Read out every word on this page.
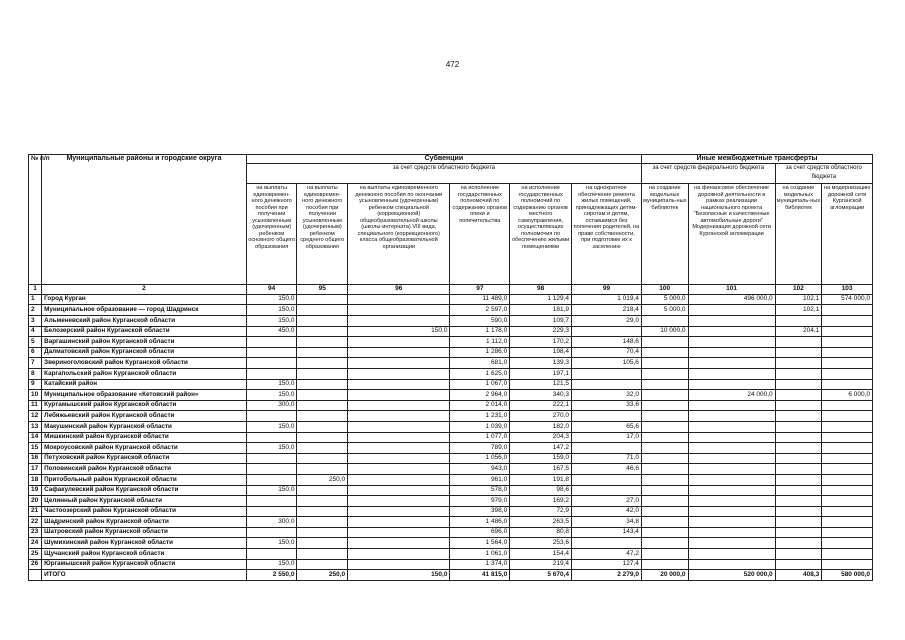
472
№ п/п	Муниципальные районы и городские округа	Субвенции						Иные межбюджетные трансферты			
		за счет средств областного бюджета						за счет средств федерального бюджета		за счет средств областного бюджета	
		на выплаты единовремен-ного денежного пособия при получении усыновленным (удочеренным) ребенком основного общего образования	на выплаты единовремен-ного денежного пособия при получении усыновленным (удочеренным) ребенком среднего общего образования	на выплаты единовременного денежного пособия по окончании усыновленным (удочеренным) ребенком специальной (коррекционной) общеобразовательной школы (школы-интерната) VIII вида, специального (коррекционного) класса общеобразовательной организации	на исполнение государственных полномочий по содержанию органов опеки и попечительства	на исполнение государственных полномочий по содержанию органов местного самоуправления, осуществляющих полномочия по обеспечению жилыми помещениями	на однократное обеспечение ремонта жилых помещений, принадлежащих детям-сиротам и детям, оставшимся без попечения родителей, на праве собственности, при подготовке их к заселению	на создание модельных муниципаль-ных библиотек	на финансовое обеспечение дорожной деятельности в рамках реализации национального проекта "Безопасные и качественные автомобильные дороги" Модернизация дорожной сети Курганской агломерации	на создание модельных муниципаль-ных библиотек	на модернизацию дорожной сети Курганской агломерации
1	2	94	95	96	97	98	99	100	101	102	103
1	Город Курган	150,0			11 489,0	1 129,4	1 019,4	5 000,0	496 000,0	102,1	574 000,0
2	Муниципальное образование — город Шадринск	150,0			2 597,0	181,9	218,4	5 000,0		102,1	
3	Альменевский район Курганской области	150,0			590,0	109,7	29,0				
4	Белозерский район Курганской области	450,0		150,0	1 178,0	229,3		10 000,0		204,1	
5	Варгашинский район Курганской области				1 112,0	170,2	148,6				
6	Далматовский район Курганской области				1 286,0	198,4	70,4				
7	Звериноголовский район Курганской области				681,0	139,3	105,6				
8	Каргапольский район Курганской области				1 625,0	197,1					
9	Катайский район	150,0			1 067,0	121,5					
10	Муниципальное образование «Кетовский район»	150,0			2 964,0	340,3	32,0		24 000,0		6 000,0
11	Куртамышский район Курганской области	300,0			2 014,0	222,1	33,6				
12	Лебяжьевский район Курганской области				1 231,0	270,0					
13	Макушинский район Курганской области	150,0			1 039,0	182,0	65,6				
14	Мишкинский район Курганской области				1 077,0	204,3	17,0				
15	Мокроусовский район Курганской области	150,0			789,0	147,2					
16	Петуховский район Курганской области				1 056,0	159,0	71,0				
17	Половинский район Курганской области				943,0	167,5	46,6				
18	Притобольный район Курганской области		250,0		961,0	191,8					
19	Сафакулевский район Курганской области	150,0			578,0	98,6					
20	Целинный район Курганской области				979,0	169,2	27,0				
21	Частоозерский район Курганской области				398,0	72,9	42,0				
22	Шадринский район Курганской области	300,0			1 486,0	263,5	34,8				
23	Шатровский район Курганской области				696,0	80,8	143,4				
24	Шумихинский район Курганской области	150,0			1 564,0	253,6					
25	Щучанский район Курганской области				1 061,0	154,4	47,2				
26	Юргамышский район Курганской области	150,0			1 374,0	219,4	127,4				
	ИТОГО	2 550,0	250,0	150,0	41 815,0	5 670,4	2 279,0	20 000,0	520 000,0	408,3	580 000,0
